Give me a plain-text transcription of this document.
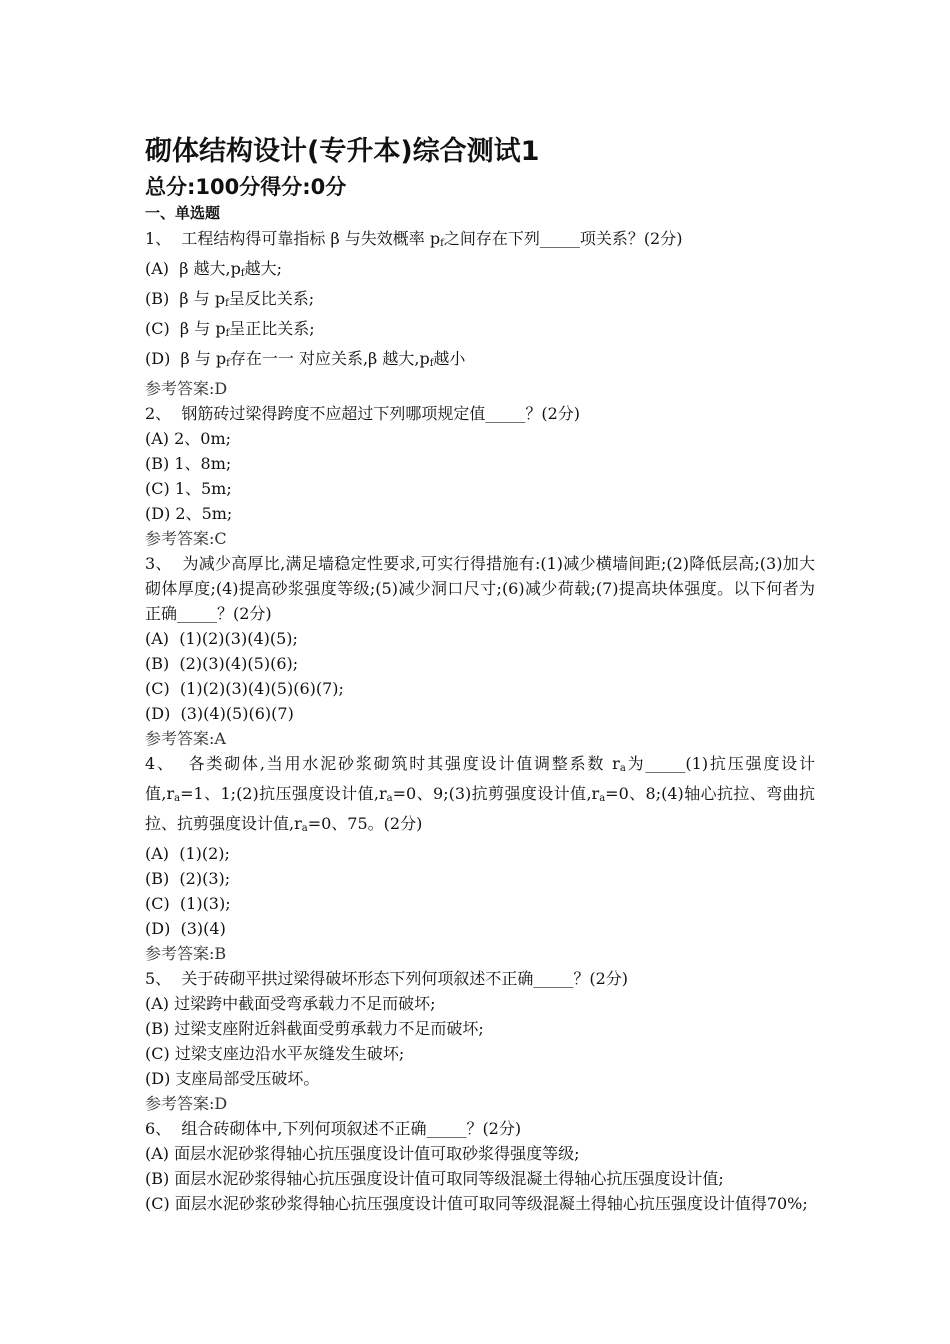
砌体结构设计(专升本)综合测试1
总分:100分得分:0分
一、单选题

1、  工程结构得可靠指标 β 与失效概率 $p_f$之间存在下列_____项关系？(2分)

(A)  β 越大$,p_f$越大;

(B)  β 与 $p_f$呈反比关系;

(C)  β 与 $p_f$呈正比关系;

(D)  β 与 $p_f$存在一一 对应关系,β 越大$,p_f$越小

参考答案:D

2、  钢筋砖过梁得跨度不应超过下列哪项规定值_____？(2分)

(A) 2、0m;

(B) 1、8m;

(C) 1、5m;

(D) 2、5m;

参考答案:C

3、  为减少高厚比,满足墙稳定性要求,可实行得措施有:(1)减少横墙间距;(2)降低层高;(3)加大砌体厚度;(4)提高砂浆强度等级;(5)减少洞口尺寸;(6)减少荷载;(7)提高块体强度。以下何者为正确_____？(2分)

(A)  (1)(2)(3)(4)(5);

(B)  (2)(3)(4)(5)(6);

(C)  (1)(2)(3)(4)(5)(6)(7);

(D)  (3)(4)(5)(6)(7)

参考答案:A

4、  各类砌体,当用水泥砂浆砌筑时其强度设计值调整系数 $r_a$为_____(1)抗压强度设计值$,r_a=1$、1;(2)抗压强度设计值$,r_a=0$、9;(3)抗剪强度设计值$,r_a=0$、8;(4)轴心抗拉、弯曲抗拉、抗剪强度设计值$,r_a=0$、75。(2分)

(A)  (1)(2);

(B)  (2)(3);

(C)  (1)(3);

(D)  (3)(4)

参考答案:B

5、  关于砖砌平拱过梁得破坏形态下列何项叙述不正确_____？(2分)

(A) 过梁跨中截面受弯承载力不足而破坏;

(B) 过梁支座附近斜截面受剪承载力不足而破坏;

(C) 过梁支座边沿水平灰缝发生破坏;

(D) 支座局部受压破坏。

参考答案:D

6、  组合砖砌体中,下列何项叙述不正确_____？(2分)

(A) 面层水泥砂浆得轴心抗压强度设计值可取砂浆得强度等级;

(B) 面层水泥砂浆得轴心抗压强度设计值可取同等级混凝土得轴心抗压强度设计值;

(C) 面层水泥砂浆砂浆得轴心抗压强度设计值可取同等级混凝土得轴心抗压强度设计值得70%;
